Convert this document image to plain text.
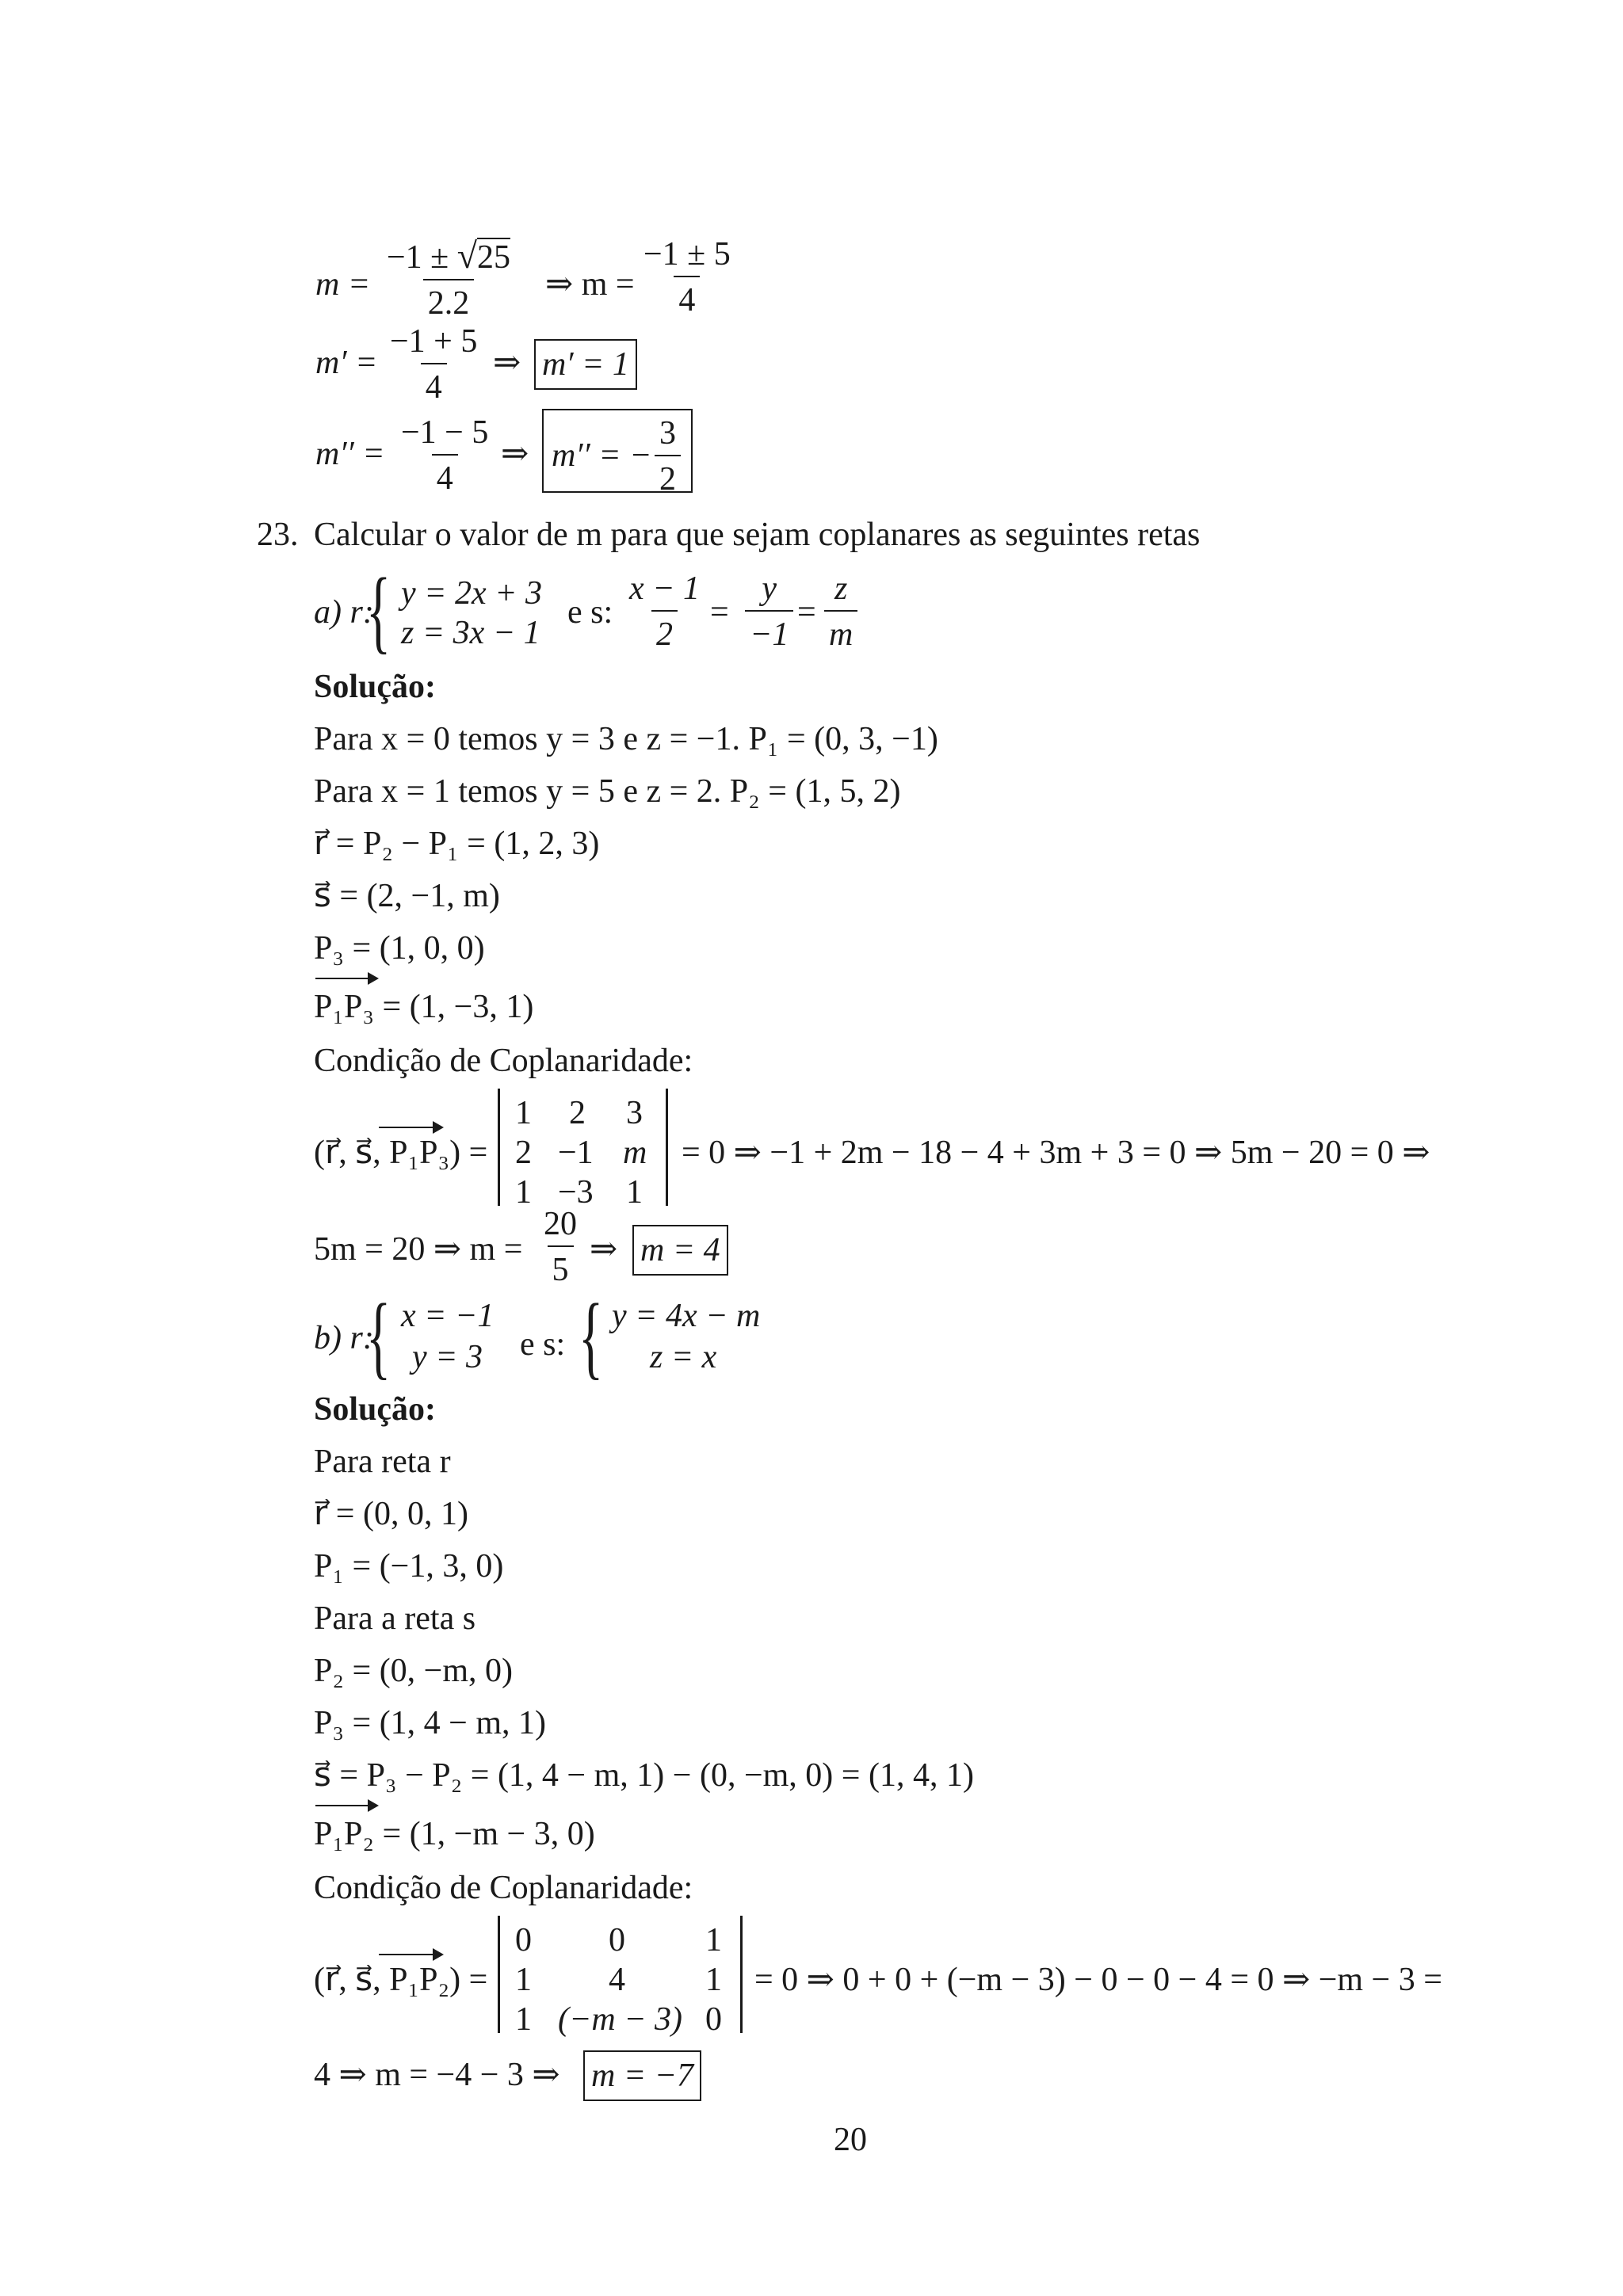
$m = \frac{-1 \pm √25}{2.2}$ ⇒ $m = \frac{-1 \pm 5}{4}$
$m' = \frac{-1 + 5}{4}$ ⇒ m′ = 1
$m'' = \frac{-1 - 5}{4}$ ⇒ m′′ = − $\frac{3}{2}$
23. Calcular o valor de m para que sejam coplanares as seguintes retas
a) r:
{ y = 2x + 3
z = 3x − 1
e s: $\frac{x - 1}{2} = \frac{y}{-1} = \frac{z}{m}$
Solução:
Para x = 0 temos y = 3 e z = −1. P₁ = (0, 3, −1)
Para x = 1 temos y = 5 e z = 2. P₂ = (1, 5, 2)
r⃗ = P₂ − P₁ = (1, 2, 3)
s⃗ = (2, −1, m)
P₃ = (1, 0, 0)
P₁P₃ = (1, −3, 1)
Condição de Coplanaridade:
(r⃗, s⃗, P₁P₃) =
1 2 3
2 −1 m
1 −3 1
= 0 ⇒ −1 + 2m − 18 − 4 + 3m + 3 = 0 ⇒ 5m − 20 = 0 ⇒
5m = 20 ⇒ $m = \frac{20}{5}$ ⇒ m = 4
b) r:
{ x = −1
y = 3 e s: { y = 4x − m
z = x
Solução:
Para reta r
r⃗ = (0, 0, 1)
P₁ = (−1, 3, 0)
Para a reta s
P₂ = (0, −m, 0)
P₃ = (1, 4 − m, 1)
s⃗ = P₃ − P₂ = (1, 4 − m, 1) − (0, −m, 0) = (1, 4, 1)
P₁P₂ = (1, −m − 3, 0)
Condição de Coplanaridade:
(r⃗, s⃗, P₁P₂) =
0 0 1
1 4 1
1 (−m − 3) 0
= 0 ⇒ 0 + 0 + (−m − 3) − 0 − 0 − 4 = 0 ⇒ −m − 3 =
4 ⇒ m = −4 − 3 ⇒ m = −7
20
